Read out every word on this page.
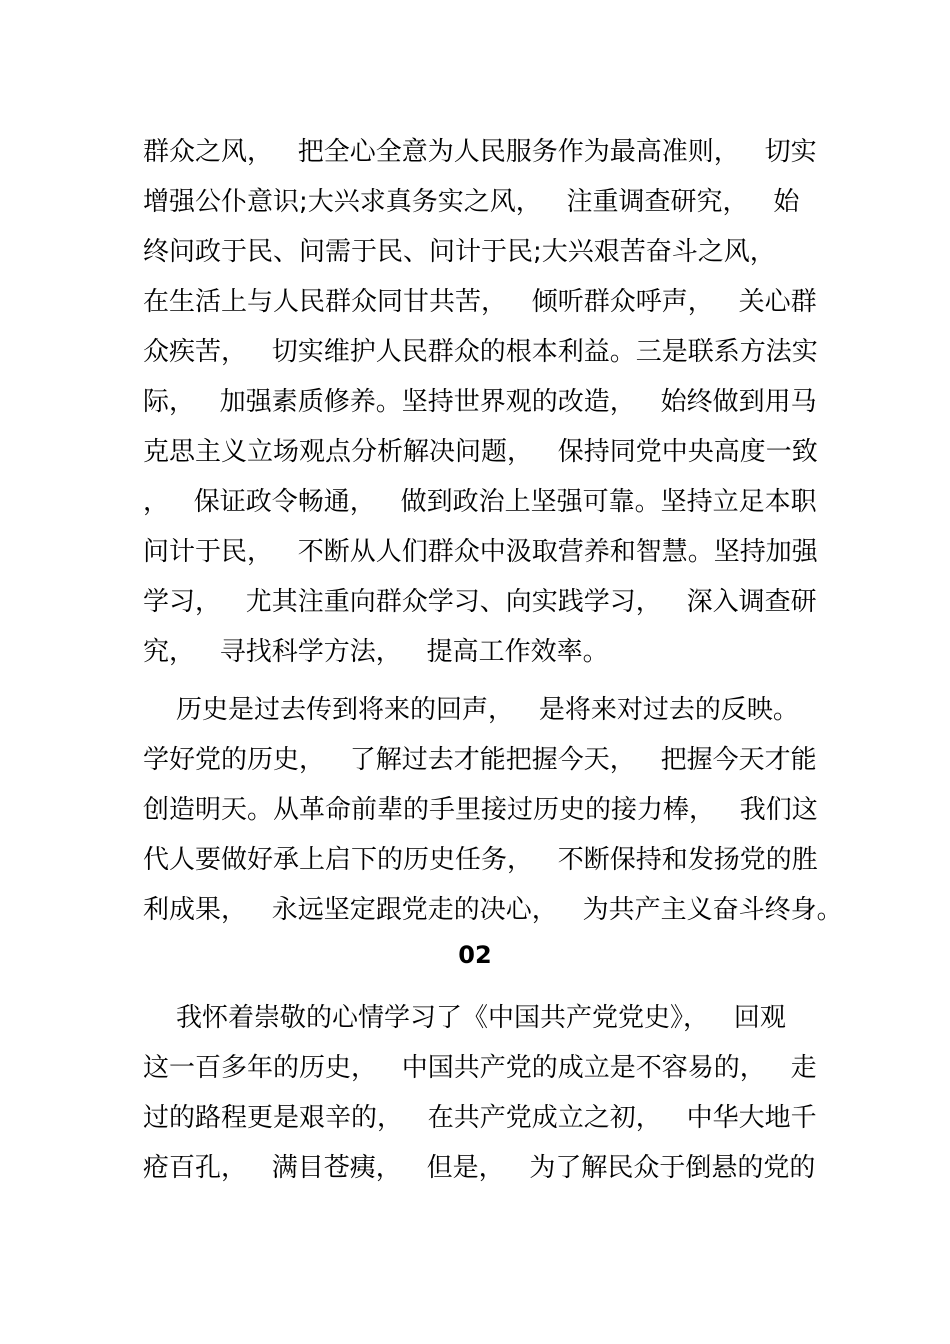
群众之风，   把全心全意为人民服务作为最高准则，   切实
增强公仆意识;大兴求真务实之风，   注重调查研究，   始
终问政于民、问需于民、问计于民;大兴艰苦奋斗之风，
在生活上与人民群众同甘共苦，   倾听群众呼声，   关心群
众疾苦，   切实维护人民群众的根本利益。三是联系方法实
际，   加强素质修养。坚持世界观的改造，   始终做到用马
克思主义立场观点分析解决问题，   保持同党中央高度一致
，   保证政令畅通，   做到政治上坚强可靠。坚持立足本职
问计于民，   不断从人们群众中汲取营养和智慧。坚持加强
学习，   尤其注重向群众学习、向实践学习，   深入调查研
究，   寻找科学方法，   提高工作效率。
历史是过去传到将来的回声，   是将来对过去的反映。
学好党的历史，   了解过去才能把握今天，   把握今天才能
创造明天。从革命前辈的手里接过历史的接力棒，   我们这
代人要做好承上启下的历史任务，   不断保持和发扬党的胜
利成果，   永远坚定跟党走的决心，   为共产主义奋斗终身。
02
我怀着崇敬的心情学习了《中国共产党党史》，   回观
这一百多年的历史，   中国共产党的成立是不容易的，   走
过的路程更是艰辛的，   在共产党成立之初，   中华大地千
疮百孔，   满目苍痍，   但是，   为了解民众于倒悬的党的
